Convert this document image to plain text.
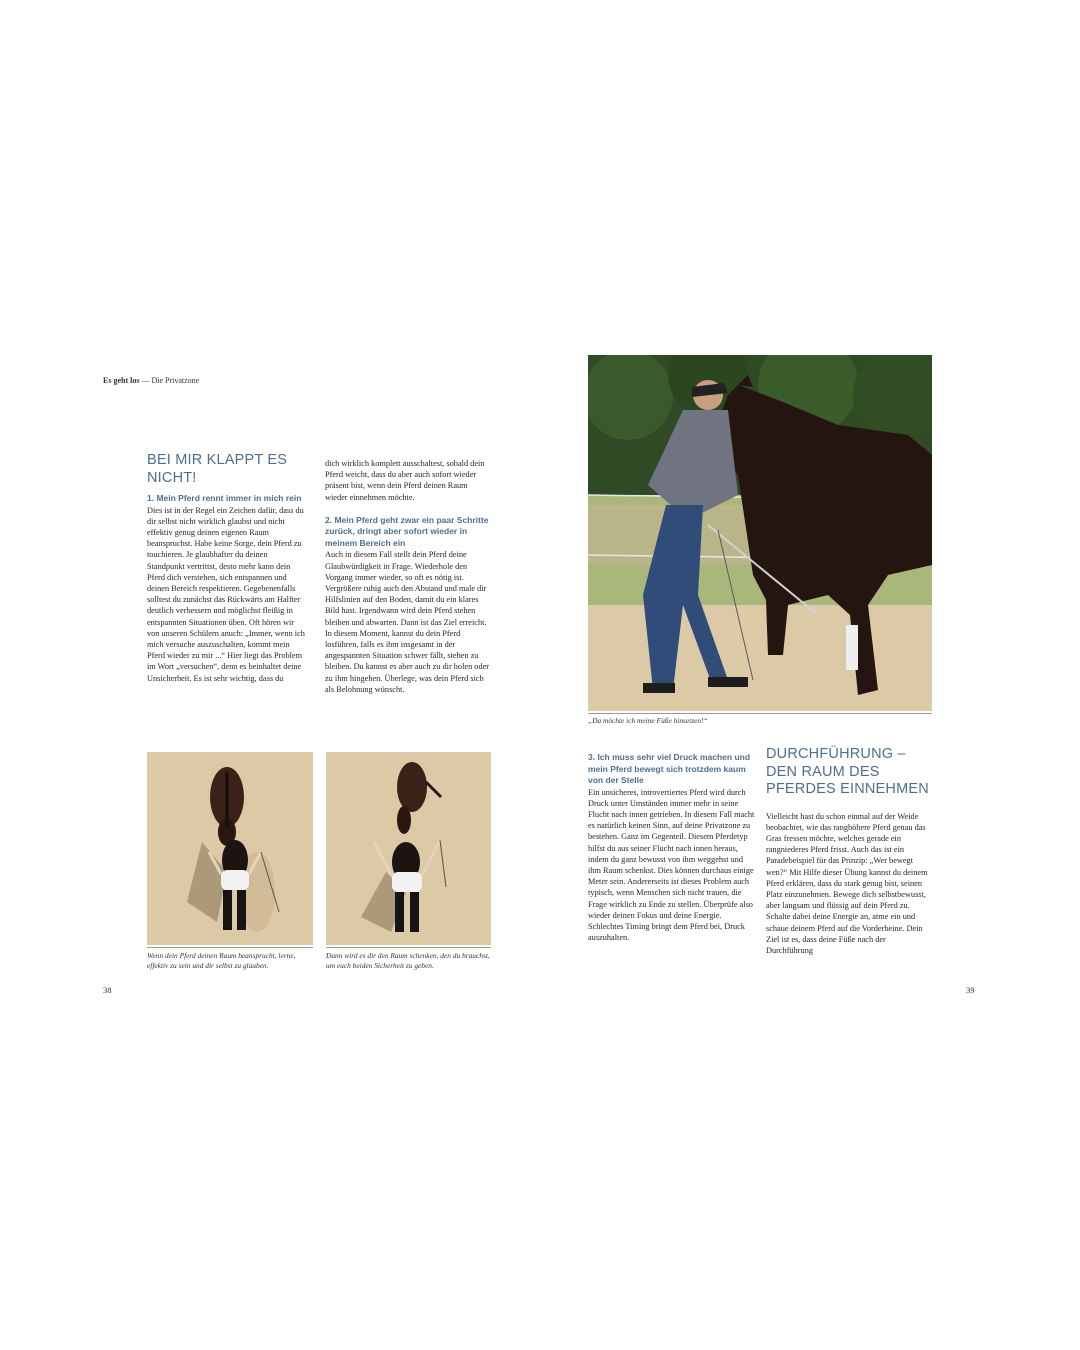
Es geht los — Die Privatzone
BEI MIR KLAPPT ES NICHT!
1. Mein Pferd rennt immer in mich rein

Dies ist in der Regel ein Zeichen dafür, dass du dir selbst nicht wirklich glaubst und nicht effektiv genug deinen eigenen Raum beanspruchst. Habe keine Sorge, dein Pferd zu touchieren. Je glaubhafter du deinen Standpunkt vertrittst, desto mehr kann dein Pferd dich verstehen, sich entspannen und deinen Bereich respektieren. Gegebenenfalls solltest du zunächst das Rückwärts am Halfter deutlich verbessern und möglichst fleißig in entspannten Situationen üben. Oft hören wir von unseren Schülern anuch: „Immer, wenn ich mich versuche auszuschalten, kommt mein Pferd wieder zu mir ...“ Hier liegt das Problem im Wort „versuchen“, denn es beinhaltet deine Unsicherheit. Es ist sehr wichtig, dass du

dich wirklich komplett ausschaltest, sobald dein Pferd weicht, dass du aber auch sofort wieder präsent bist, wenn dein Pferd deinen Raum wieder einnehmen möchte.

2. Mein Pferd geht zwar ein paar Schritte zurück, dringt aber sofort wieder in meinem Bereich ein

Auch in diesem Fall stellt dein Pferd deine Glaubwürdigkeit in Frage. Wiederhole den Vorgang immer wieder, so oft es nötig ist. Vergrößere ruhig auch den Abstand und male dir Hilfslinien auf den Boden, damit du ein klares Bild hast. Irgendwann wird dein Pferd stehen bleiben und abwarten. Dann ist das Ziel erreicht. In diesem Moment, kannst du dein Pferd losführen, falls es ihm insgesamt in der angespannten Situation schwer fällt, stehen zu bleiben. Du kannst es aber auch zu dir holen oder zu ihm hingehen. Überlege, was dein Pferd sich als Belohnung wünscht.

Wenn dein Pferd deinen Raum beansprucht, lerne, effektiv zu sein und dir selbst zu glauben.
Dann wird es dir den Raum schenken, den du brauchst, um euch beiden Sicherheit zu geben.
38
„Da möchte ich meine Füße hinsetzen!“
3. Ich muss sehr viel Druck machen und mein Pferd bewegt sich trotzdem kaum von der Stelle

Ein unsicheres, introvertiertes Pferd wird durch Druck unter Umständen immer mehr in seine Flucht nach innen getrieben. In diesem Fall macht es natürlich keinen Sinn, auf deine Privatzone zu bestehen. Ganz im Gegenteil. Diesem Pferdetyp hilfst du aus seiner Flucht nach innen heraus, indem du ganz bewusst von ihm weggehst und ihm Raum schenkst. Dies können durchaus einige Meter sein. Andererseits ist dieses Problem auch typisch, wenn Menschen sich nicht trauen, die Frage wirklich zu Ende zu stellen. Überprüfe also wieder deinen Fokus und deine Energie. Schlechtes Timing bringt dem Pferd bei, Druck auszuhalten.

DURCHFÜHRUNG – DEN RAUM DES PFERDES EINNEHMEN

Vielleicht hast du schon einmal auf der Weide beobachtet, wie das ranghöhere Pferd genau das Gras fressen möchte, welches gerade ein rangniederes Pferd frisst. Auch das ist ein Paradebeispiel für das Prinzip: „Wer bewegt wen?“ Mit Hilfe dieser Übung kannst du deinem Pferd erklären, dass du stark genug bist, seinen Platz einzunehmen. Bewege dich selbstbewusst, aber langsam und flüssig auf dein Pferd zu. Schalte dabei deine Energie an, atme ein und schaue deinem Pferd auf die Vorderbeine. Dein Ziel ist es, dass deine Füße nach der Durchführung

39
